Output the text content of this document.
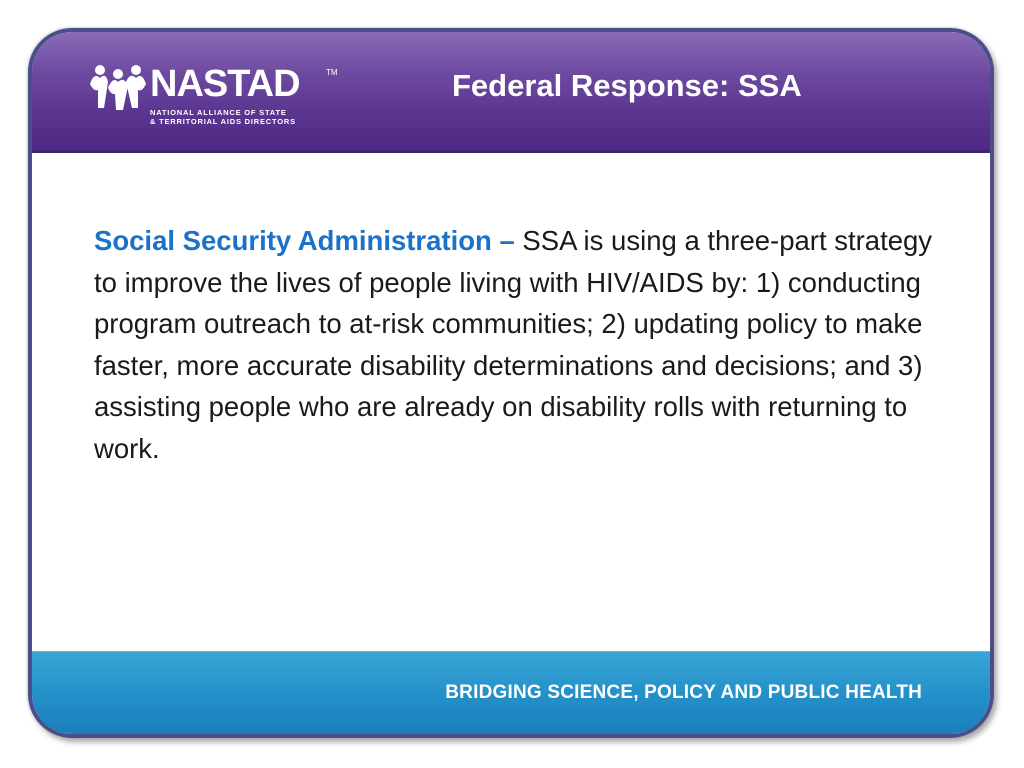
NASTAD	TM
NATIONAL ALLIANCE OF STATE
& TERRITORIAL AIDS DIRECTORS
Federal Response: SSA
Social Security Administration – SSA is using a three-part strategy to improve the lives of people living with HIV/AIDS by: 1) conducting program outreach to at-risk communities; 2) updating policy to make faster, more accurate disability determinations and decisions; and 3) assisting people who are already on disability rolls with returning to work.
BRIDGING SCIENCE, POLICY AND PUBLIC HEALTH
